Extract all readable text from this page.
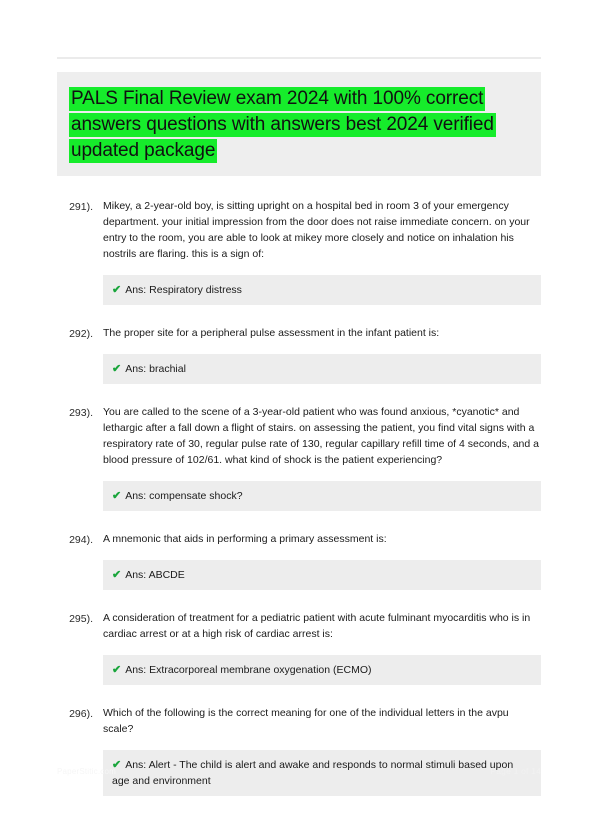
PALS Final Review exam 2024 with 100% correct answers questions with answers best 2024 verified updated package
291). Mikey, a 2-year-old boy, is sitting upright on a hospital bed in room 3 of your emergency department. your initial impression from the door does not raise immediate concern. on your entry to the room, you are able to look at mikey more closely and notice on inhalation his nostrils are flaring. this is a sign of:

✔ Ans: Respiratory distress
292). The proper site for a peripheral pulse assessment in the infant patient is:

✔ Ans: brachial
293). You are called to the scene of a 3-year-old patient who was found anxious, *cyanotic* and lethargic after a fall down a flight of stairs. on assessing the patient, you find vital signs with a respiratory rate of 30, regular pulse rate of 130, regular capillary refill time of 4 seconds, and a blood pressure of 102/61. what kind of shock is the patient experiencing?

✔ Ans: compensate shock?
294). A mnemonic that aids in performing a primary assessment is:

✔ Ans: ABCDE
295). A consideration of treatment for a pediatric patient with acute fulminant myocarditis who is in cardiac arrest or at a high risk of cardiac arrest is:

✔ Ans: Extracorporeal membrane oxygenation (ECMO)
296). Which of the following is the correct meaning for one of the individual letters in the avpu scale?

✔ Ans: Alert - The child is alert and awake and responds to normal stimuli based upon age and environment
PaperStitic.com	Page 1 of 14
